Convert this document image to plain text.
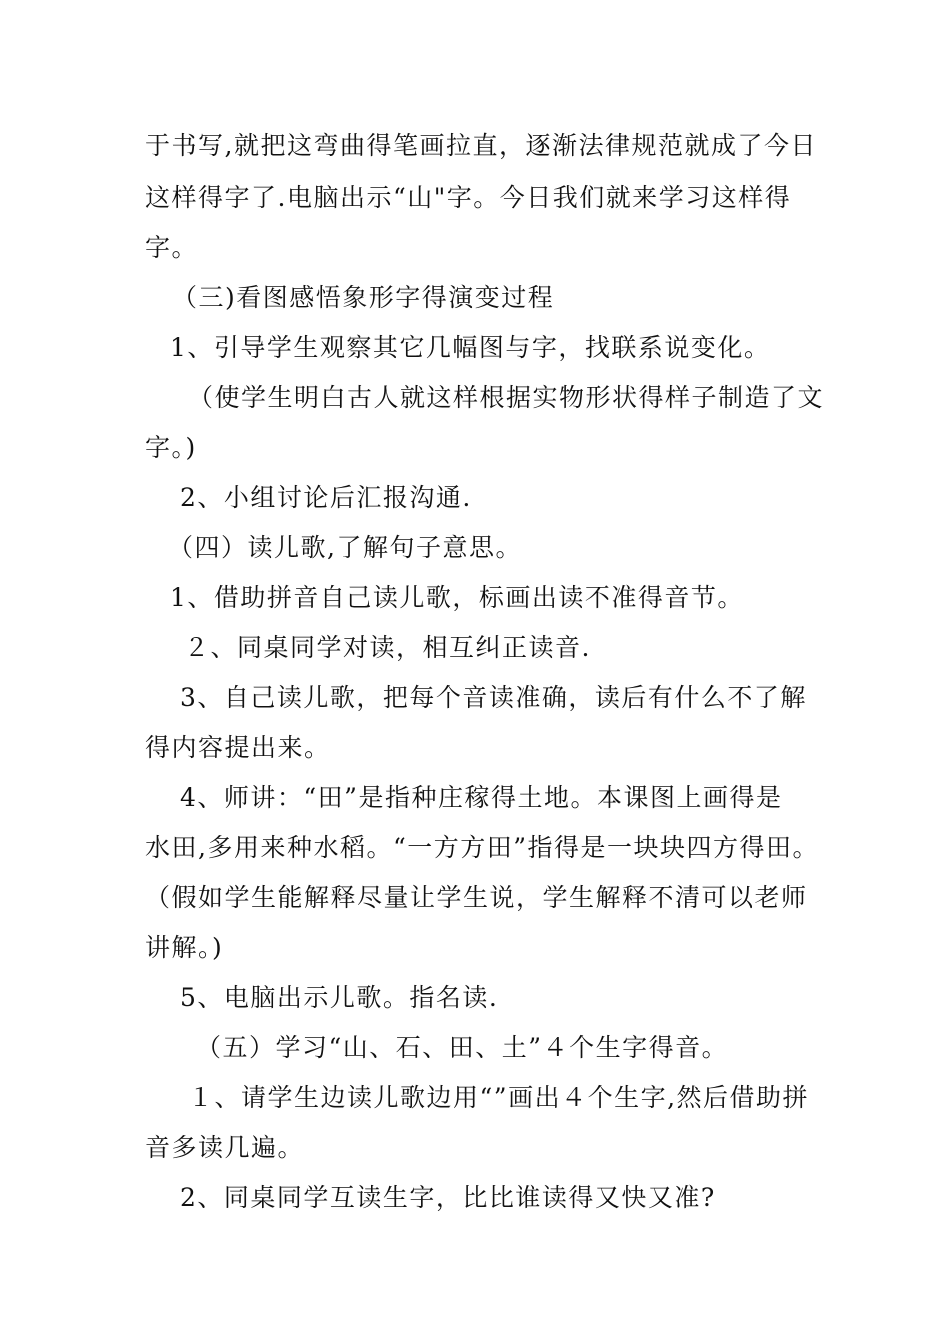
于书写,就把这弯曲得笔画拉直，逐渐法律规范就成了今日
这样得字了.电脑出示“山"字。今日我们就来学习这样得
字。
（三)看图感悟象形字得演变过程
1、引导学生观察其它几幅图与字，找联系说变化。
（使学生明白古人就这样根据实物形状得样子制造了文
字。)
2、小组讨论后汇报沟通.
（四）读儿歌,了解句子意思。
1、借助拼音自己读儿歌，标画出读不准得音节。
２、同桌同学对读，相互纠正读音.
3、自己读儿歌，把每个音读准确，读后有什么不了解
得内容提出来。
4、师讲：“田”是指种庄稼得土地。本课图上画得是
水田,多用来种水稻。“一方方田”指得是一块块四方得田。
（假如学生能解释尽量让学生说，学生解释不清可以老师
讲解。)
5、电脑出示儿歌。指名读.
（五）学习“山、石、田、土”４个生字得音。
１、请学生边读儿歌边用“”画出４个生字,然后借助拼
音多读几遍。
2、同桌同学互读生字，比比谁读得又快又准?
